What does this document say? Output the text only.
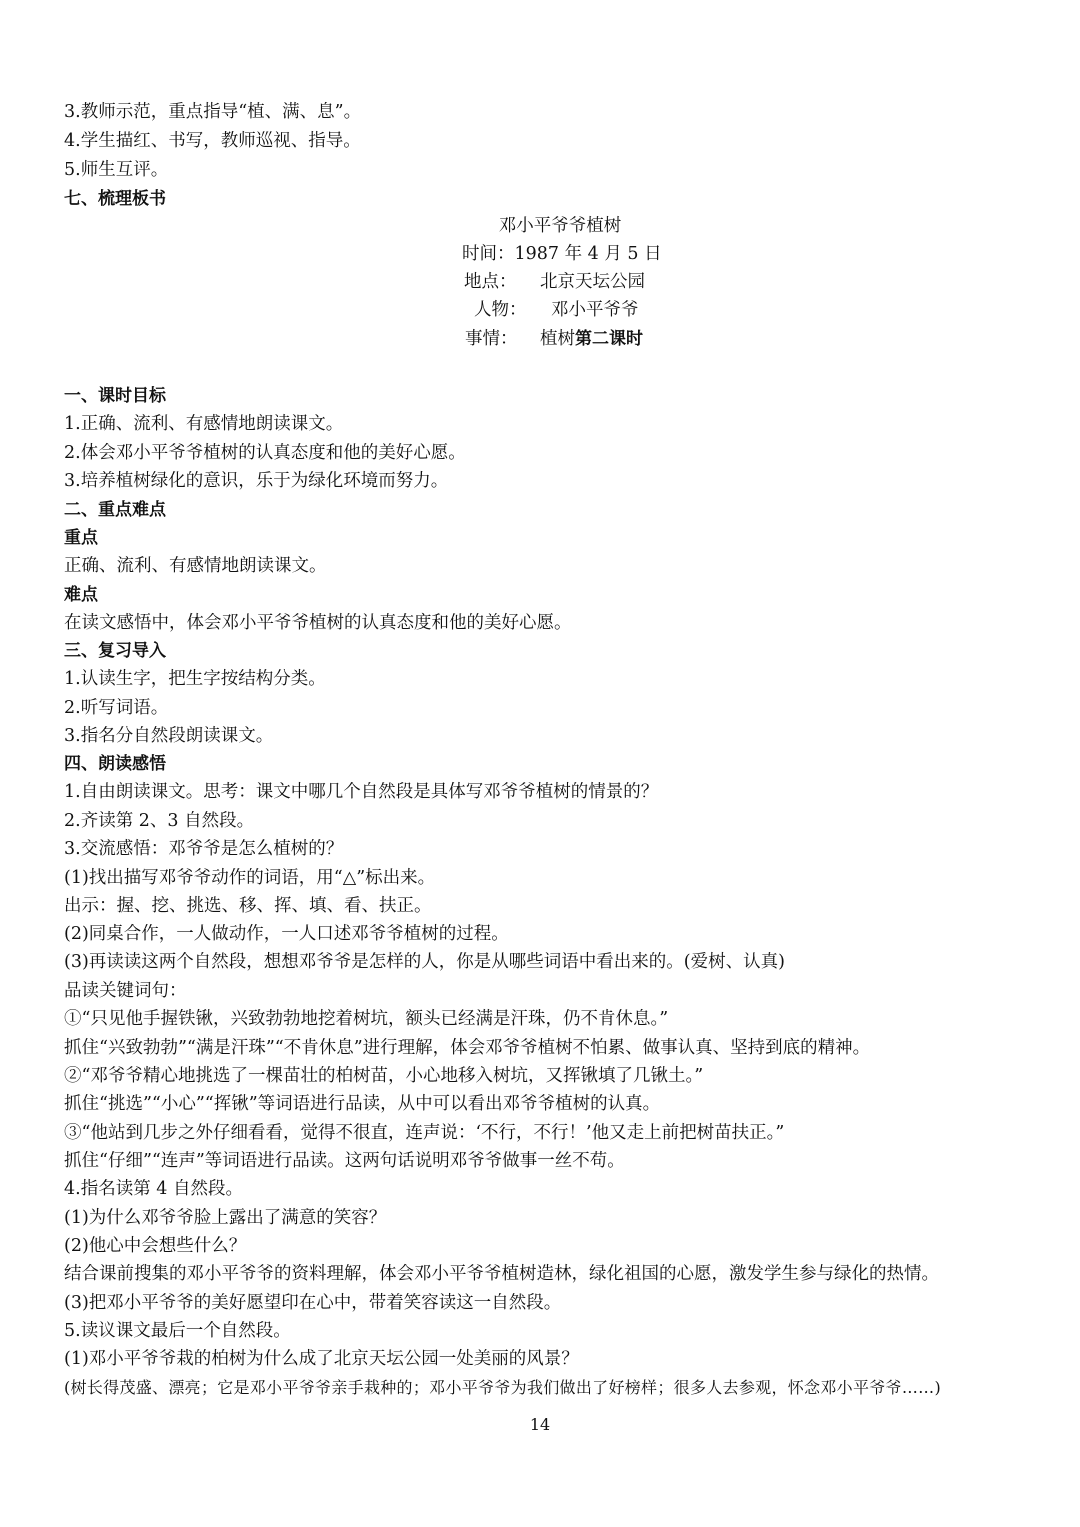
3.教师示范，重点指导“植、满、息”。
4.学生描红、书写，教师巡视、指导。
5.师生互评。
七、梳理板书
邓小平爷爷植树
时间：1987 年 4 月 5 日
地点： 北京天坛公园
人物： 邓小平爷爷
事情： 植树第二课时
一、课时目标
1.正确、流利、有感情地朗读课文。
2.体会邓小平爷爷植树的认真态度和他的美好心愿。
3.培养植树绿化的意识，乐于为绿化环境而努力。
二、重点难点
重点
正确、流利、有感情地朗读课文。
难点
在读文感悟中，体会邓小平爷爷植树的认真态度和他的美好心愿。
三、复习导入
1.认读生字，把生字按结构分类。
2.听写词语。
3.指名分自然段朗读课文。
四、朗读感悟
1.自由朗读课文。思考：课文中哪几个自然段是具体写邓爷爷植树的情景的？
2.齐读第 2、3 自然段。
3.交流感悟：邓爷爷是怎么植树的？
(1)找出描写邓爷爷动作的词语，用“△”标出来。
出示：握、挖、挑选、移、挥、填、看、扶正。
(2)同桌合作，一人做动作，一人口述邓爷爷植树的过程。
(3)再读读这两个自然段，想想邓爷爷是怎样的人，你是从哪些词语中看出来的。(爱树、认真)
品读关键词句：
①“只见他手握铁锹，兴致勃勃地挖着树坑，额头已经满是汗珠，仍不肯休息。”
抓住“兴致勃勃”“满是汗珠”“不肯休息”进行理解，体会邓爷爷植树不怕累、做事认真、坚持到底的精神。
②“邓爷爷精心地挑选了一棵苗壮的柏树苗，小心地移入树坑，又挥锹填了几锹土。”
抓住“挑选”“小心”“挥锹”等词语进行品读，从中可以看出邓爷爷植树的认真。
③“他站到几步之外仔细看看，觉得不很直，连声说：‘不行，不行！’他又走上前把树苗扶正。”
抓住“仔细”“连声”等词语进行品读。这两句话说明邓爷爷做事一丝不苟。
4.指名读第 4 自然段。
(1)为什么邓爷爷脸上露出了满意的笑容？
(2)他心中会想些什么？
结合课前搜集的邓小平爷爷的资料理解，体会邓小平爷爷植树造林，绿化祖国的心愿，激发学生参与绿化的热情。
(3)把邓小平爷爷的美好愿望印在心中，带着笑容读这一自然段。
5.读议课文最后一个自然段。
(1)邓小平爷爷栽的柏树为什么成了北京天坛公园一处美丽的风景？
(树长得茂盛、漂亮；它是邓小平爷爷亲手栽种的；邓小平爷爷为我们做出了好榜样；很多人去参观，怀念邓小平爷爷……)
14
